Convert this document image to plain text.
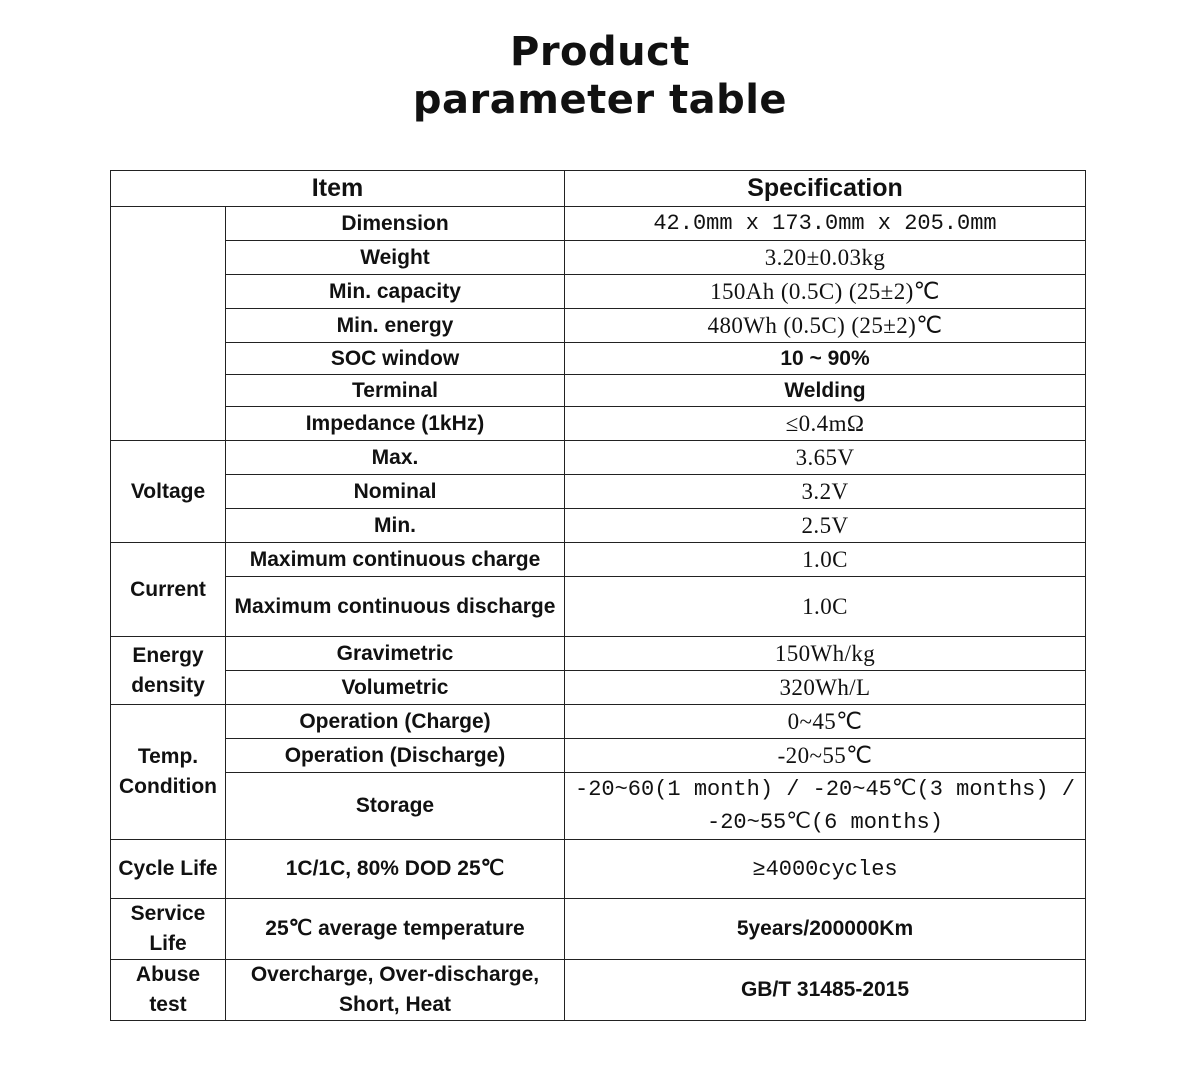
Product
parameter table
Item		Specification
	Dimension	42.0mm x 173.0mm x 205.0mm
	Weight	3.20±0.03kg
	Min. capacity	150Ah (0.5C) (25±2)℃
	Min. energy	480Wh (0.5C) (25±2)℃
	SOC window	10 ~ 90%
	Terminal	Welding
	Impedance (1kHz)	≤0.4mΩ
Voltage	Max.	3.65V
	Nominal	3.2V
	Min.	2.5V
Current	Maximum continuous charge	1.0C
	Maximum continuous discharge	1.0C
Energy density	Gravimetric	150Wh/kg
	Volumetric	320Wh/L
Temp. Condition	Operation (Charge)	0~45℃
	Operation (Discharge)	-20~55℃
	Storage	-20~60(1 month) / -20~45℃(3 months) / -20~55℃(6 months)
Cycle Life	1C/1C, 80% DOD 25℃	≥4000cycles
Service Life	25℃ average temperature	5years/200000Km
Abuse test	Overcharge, Over-discharge, Short, Heat	GB/T 31485-2015
